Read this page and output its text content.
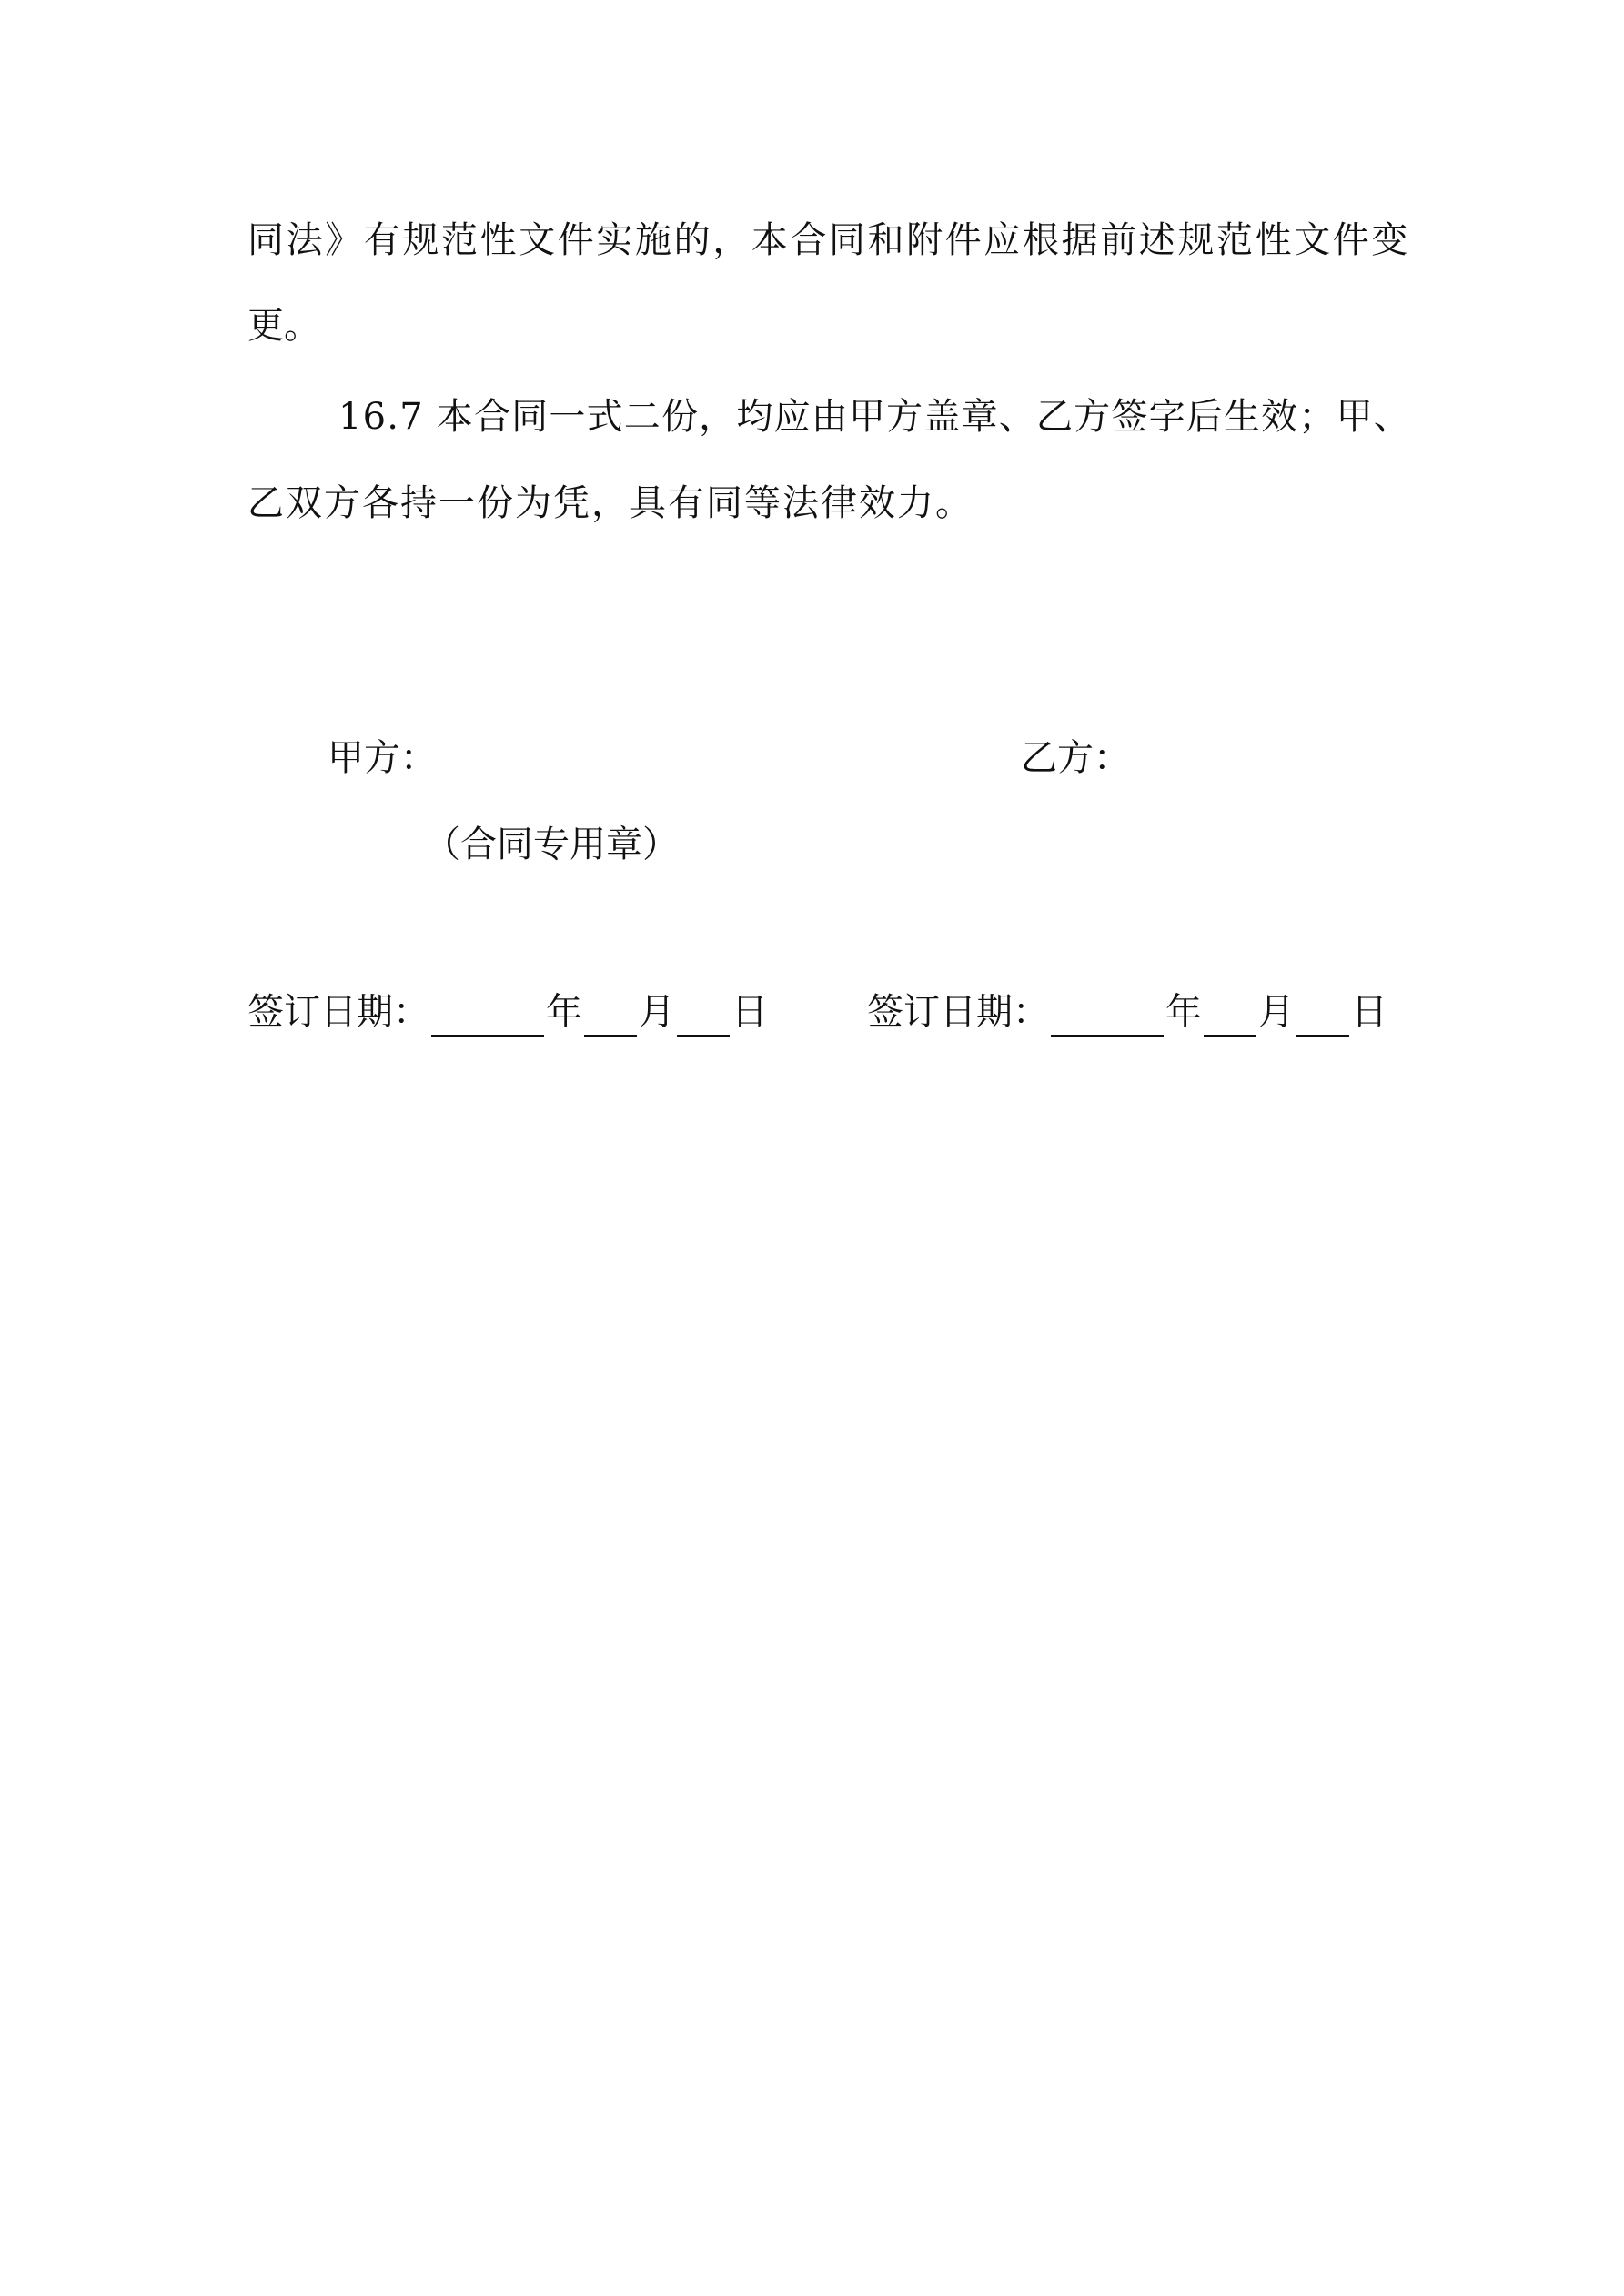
同法》有规范性文件实施的，本合同和附件应根据前述规范性文件变
更。
16.7 本合同一式二份，均应由甲方盖章、乙方签字后生效；甲、
乙双方各持一份为凭，具有同等法律效力。
甲方：	乙方：
（合同专用章）
签订日期：	年 月 日	签订日期：	年 月 日
